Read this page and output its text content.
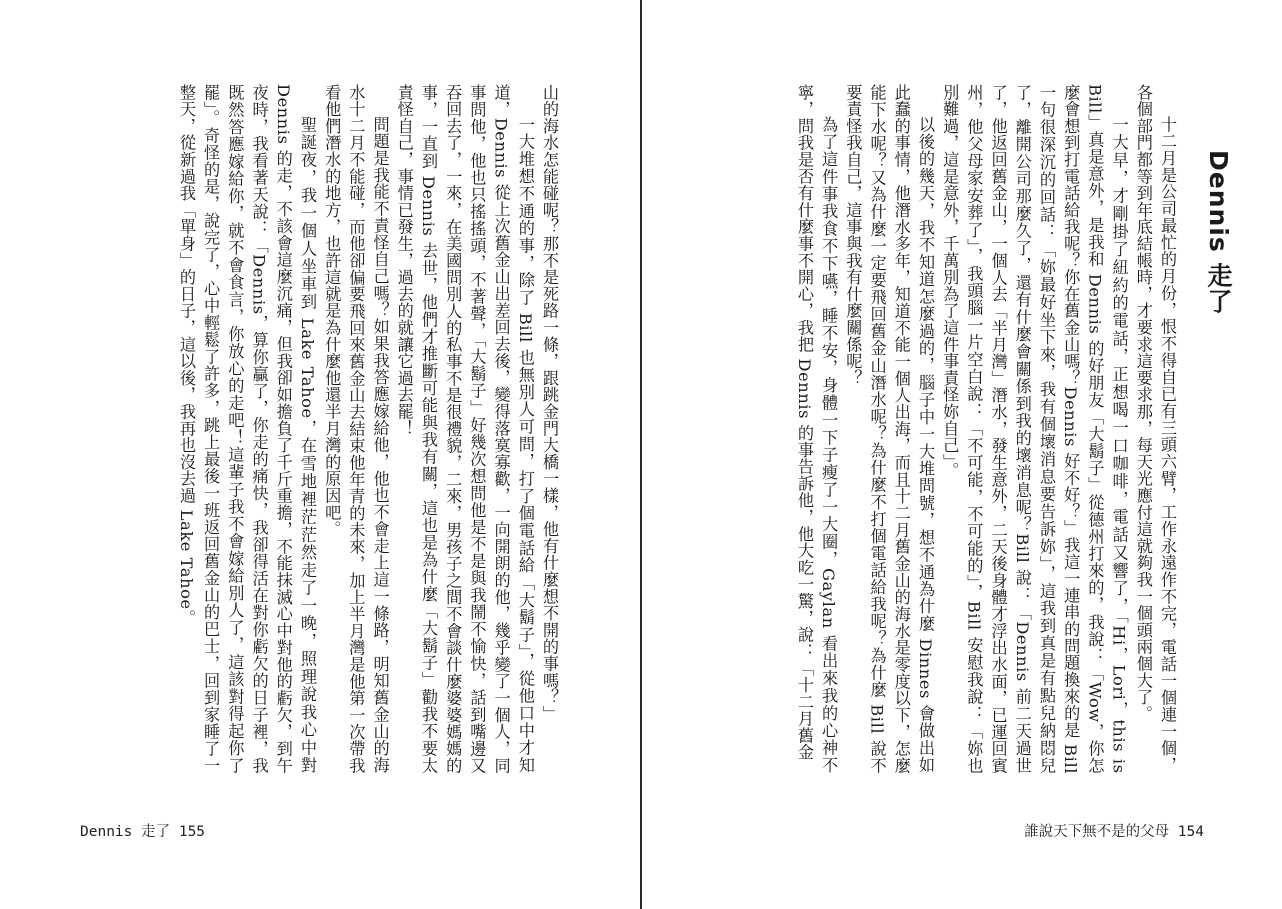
山的海水怎能碰呢？那不是死路一條，跟跳金門大橋一樣，他有什麼想不開的事嗎？」

一大堆想不通的事，除了 Bill 也無別人可問，打了個電話給「大鬍子」，從他口中才知道，Dennis 從上次舊金山出差回去後，變得落寞寡歡，一向開朗的他，幾乎變了一個人，同事問他，他也只搖搖頭，不著聲，「大鬍子」好幾次想問他是不是與我鬧不愉快，話到嘴邊又吞回去了，一來，在美國問別人的私事不是很禮貌，二來，男孩子之間不會談什麼婆婆媽媽的事，一直到 Dennis 去世，他們才推斷可能與我有關，這也是為什麼「大鬍子」勸我不要太責怪自己，事情已發生，過去的就讓它過去罷！

問題是我能不責怪自己嗎？如果我答應嫁給他，他也不會走上這一條路，明知舊金山的海水十二月不能碰，而他卻偏要飛回來舊金山去結束他年青的未來，加上半月灣是他第一次帶我看他們潛水的地方，也許這就是為什麼他還半月灣的原因吧。

聖誕夜，我一個人坐車到 Lake Tahoe，在雪地裡茫茫然走了一晚，照理說我心中對 Dennis 的走，不該會這麼沉痛，但我卻如擔負了千斤重擔，不能抹滅心中對他的虧欠，到午夜時，我看著天說：「Dennis，算你贏了，你走的痛快，我卻得活在對你虧欠的日子裡，我既然答應嫁給你，就不會食言，你放心的走吧！這輩子我不會嫁給別人了，這該對得起你了罷」。奇怪的是，說完了，心中輕鬆了許多，跳上最後一班返回舊金山的巴士，回到家睡了一整天，從新過我「單身」的日子，這以後，我再也沒去過 Lake Tahoe。

Dennis 走了 155
Dennis 走了

十二月是公司最忙的月份，恨不得自已有三頭六臂，工作永遠作不完，電話一個連一個，各個部門都等到年底結帳時，才要求這要求那，每天光應付這就夠我一個頭兩個大了。

一大早，才剛掛了紐約的電話，正想喝一口咖啡，電話又響了，「Hi，Lori，this is Bill」真是意外，是我和 Dennis 的好朋友「大鬍子」從德州打來的，我說：「Wow，你怎麼會想到打電話給我呢？你在舊金山嗎？Dennis 好不好？」我這一連串的問題換來的是 Bill 一句很深沉的回話：「妳最好坐下來，我有個壞消息要告訴妳」，這我到真是有點兒納悶兒了，離開公司那麼久了，還有什麼會關係到我的壞消息呢？Bill 說：「Dennis 前二天過世了，他返回舊金山，一個人去「半月灣」潛水，發生意外，二天後身體才浮出水面，已運回賓州，他父母家安葬了」，我頭腦一片空白說：「不可能，不可能的」，Bill 安慰我說：「妳也別難過，這是意外，千萬別為了這件事責怪妳自己」。

以後的幾天，我不知道怎麼過的，腦子中一大堆問號，想不通為什麼 Dinnes 會做出如此蠢的事情，他潛水多年，知道不能一個人出海，而且十二月舊金山的海水是零度以下，怎麼能下水呢？又為什麼一定要飛回舊金山潛水呢？為什麼不打個電話給我呢？為什麼 Bill 說不要責怪我自己，這事與我有什麼關係呢？

為了這件事我食不下嚥，睡不安，身體一下子瘦了一大圈，Gaylan 看出來我的心神不寧，問我是否有什麼事不開心，我把 Dennis 的事告訴他，他大吃一驚，說：「十二月舊金

誰說天下無不是的父母 154
